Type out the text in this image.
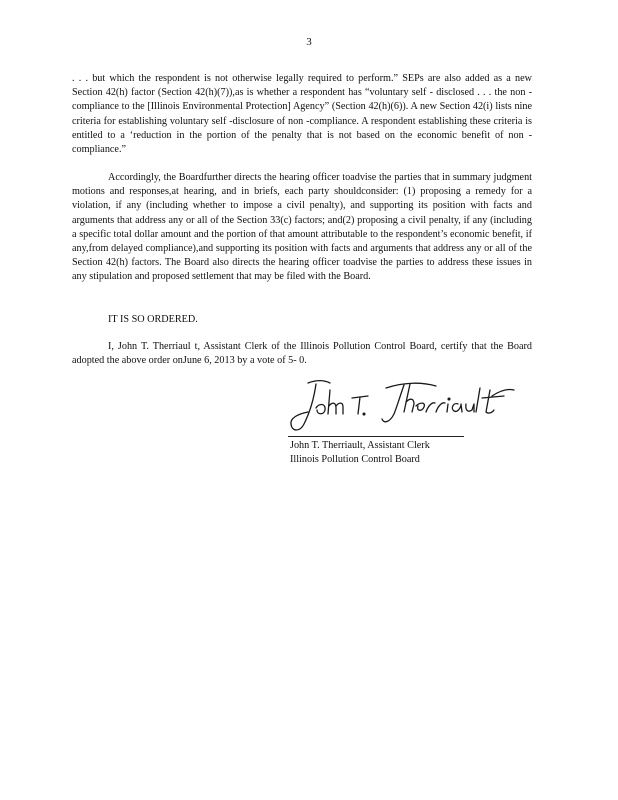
3

. . . but which the respondent is not otherwise legally required to perform.” SEPs are also added as a new Section 42(h) factor (Section 42(h)(7)),as is whether a respondent has “voluntary self - disclosed . . . the non -compliance to the [Illinois Environmental Protection] Agency” (Section 42(h)(6)). A new Section 42(i) lists nine criteria for establishing voluntary self -disclosure of non -compliance. A respondent establishing these criteria is entitled to a ‘reduction in the portion of the penalty that is not based on the economic benefit of non -compliance.”

Accordingly, the Boardfurther directs the hearing officer toadvise the parties that in summary judgment motions and responses,at hearing, and in briefs, each party shouldconsider: (1) proposing a remedy for a violation, if any (including whether to impose a civil penalty), and supporting its position with facts and arguments that address any or all of the Section 33(c) factors; and(2) proposing a civil penalty, if any (including a specific total dollar amount and the portion of that amount attributable to the respondent’s economic benefit, if any,from delayed compliance),and supporting its position with facts and arguments that address any or all of the Section 42(h) factors. The Board also directs the hearing officer toadvise the parties to address these issues in any stipulation and proposed settlement that may be filed with the Board.

IT IS SO ORDERED.

I, John T. Therriaul t, Assistant Clerk of the Illinois Pollution Control Board, certify that the Board adopted the above order onJune 6, 2013 by a vote of 5- 0.

John T. Therriault, Assistant Clerk
Illinois Pollution Control Board
